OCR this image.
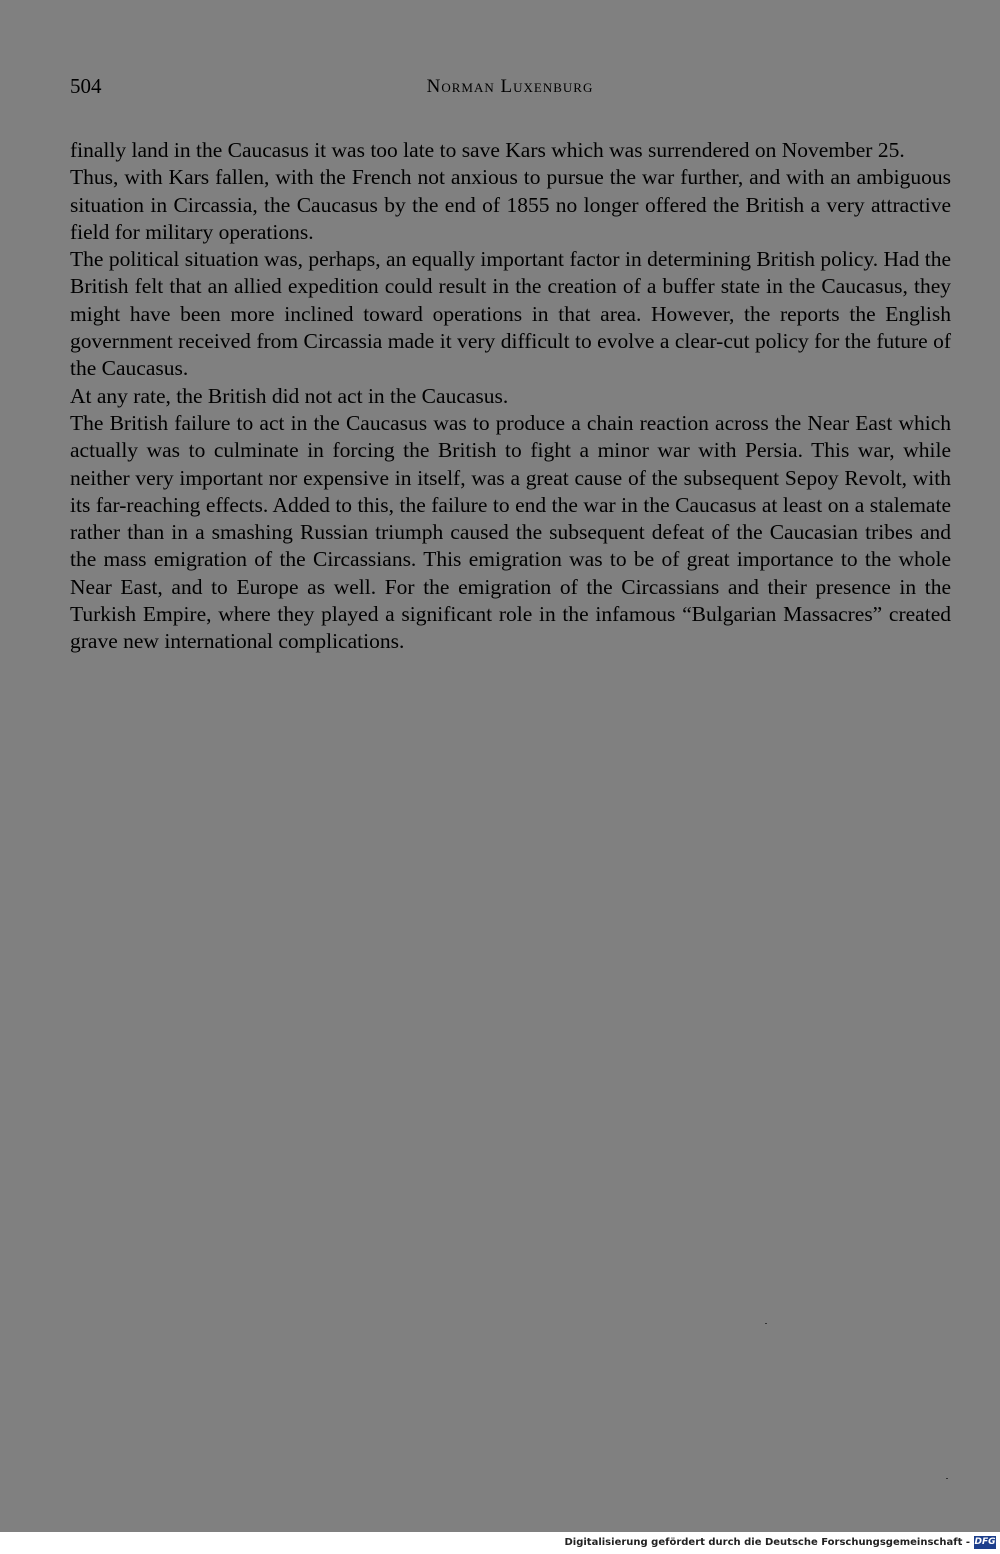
504	Norman Luxenburg

finally land in the Caucasus it was too late to save Kars which was surrendered on November 25.

Thus, with Kars fallen, with the French not anxious to pursue the war further, and with an ambiguous situation in Circassia, the Caucasus by the end of 1855 no longer offered the British a very attractive field for military operations.

The political situation was, perhaps, an equally important factor in determining British policy. Had the British felt that an allied expedition could result in the creation of a buffer state in the Caucasus, they might have been more inclined toward operations in that area. However, the reports the English government received from Circassia made it very difficult to evolve a clear-cut policy for the future of the Caucasus.

At any rate, the British did not act in the Caucasus.

The British failure to act in the Caucasus was to produce a chain reaction across the Near East which actually was to culminate in forcing the British to fight a minor war with Persia. This war, while neither very important nor expensive in itself, was a great cause of the subsequent Sepoy Revolt, with its far-reaching effects. Added to this, the failure to end the war in the Caucasus at least on a stalemate rather than in a smashing Russian triumph caused the subsequent defeat of the Caucasian tribes and the mass emigration of the Circassians. This emigration was to be of great importance to the whole Near East, and to Europe as well. For the emigration of the Circassians and their presence in the Turkish Empire, where they played a significant role in the infamous “Bulgarian Massacres” created grave new international complications.

Digitalisierung gefördert durch die Deutsche Forschungsgemeinschaft - DFG
